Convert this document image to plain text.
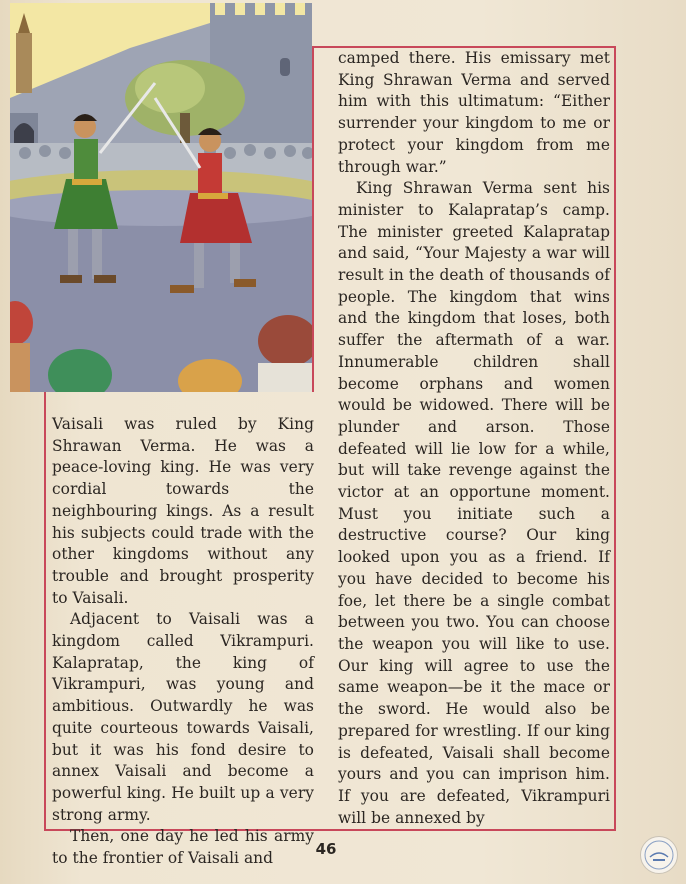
Vaisali was ruled by King Shrawan Verma. He was a peace-loving king. He was very cordial towards the neighbouring kings. As a result his subjects could trade with the other kingdoms without any trouble and brought prosperity to Vaisali.

Adjacent to Vaisali was a kingdom called Vikrampuri. Kalapratap, the king of Vikrampuri, was young and ambitious. Outwardly he was quite courteous towards Vaisali, but it was his fond desire to annex Vaisali and become a powerful king. He built up a very strong army.

Then, one day he led his army to the frontier of Vaisali and

camped there. His emissary met King Shrawan Verma and served him with this ultimatum: “Either surrender your kingdom to me or protect your kingdom from me through war.”

King Shrawan Verma sent his minister to Kalapratap’s camp. The minister greeted Kalapratap and said, “Your Majesty a war will result in the death of thousands of people. The kingdom that wins and the kingdom that loses, both suffer the aftermath of a war. Innumerable children shall become orphans and women would be widowed. There will be plunder and arson. Those defeated will lie low for a while, but will take revenge against the victor at an opportune moment. Must you initiate such a destructive course? Our king looked upon you as a friend. If you have decided to become his foe, let there be a single combat between you two. You can choose the weapon you will like to use. Our king will agree to use the same weapon—be it the mace or the sword. He would also be prepared for wrestling. If our king is defeated, Vaisali shall become yours and you can imprison him. If you are defeated, Vikrampuri will be annexed by

46
